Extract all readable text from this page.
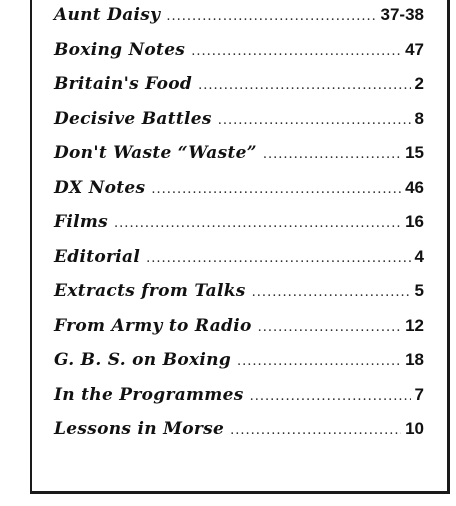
Aunt Daisy .....	37-38
Boxing Notes .....	47
Britain's Food .....	2
Decisive Battles .....	8
Don't Waste “Waste” .....	15
DX Notes .....	46
Films .....	16
Editorial .....	4
Extracts from Talks .....	5
From Army to Radio .....	12
G. B. S. on Boxing .....	18
In the Programmes .....	7
Lessons in Morse .....	10
